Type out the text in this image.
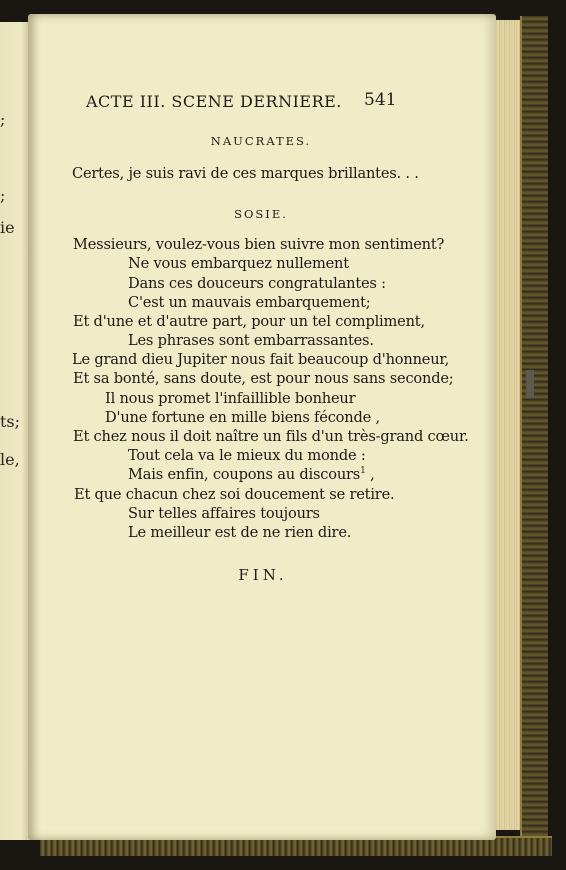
;
;
ie
ts;
le,
ACTE III. SCENE DERNIERE. 541
NAUCRATES.
Certes, je suis ravi de ces marques brillantes. . .
SOSIE.
Messieurs, voulez-vous bien suivre mon sentiment?
Ne vous embarquez nullement
Dans ces douceurs congratulantes :
C'est un mauvais embarquement;
Et d'une et d'autre part, pour un tel compliment,
Les phrases sont embarrassantes.
Le grand dieu Jupiter nous fait beaucoup d'honneur,
Et sa bonté, sans doute, est pour nous sans seconde;
Il nous promet l'infaillible bonheur
D'une fortune en mille biens féconde ,
Et chez nous il doit naître un fils d'un très-grand cœur.
Tout cela va le mieux du monde :
Mais enfin, coupons au discours$^1$ ,
Et que chacun chez soi doucement se retire.
Sur telles affaires toujours
Le meilleur est de ne rien dire.
FIN.
